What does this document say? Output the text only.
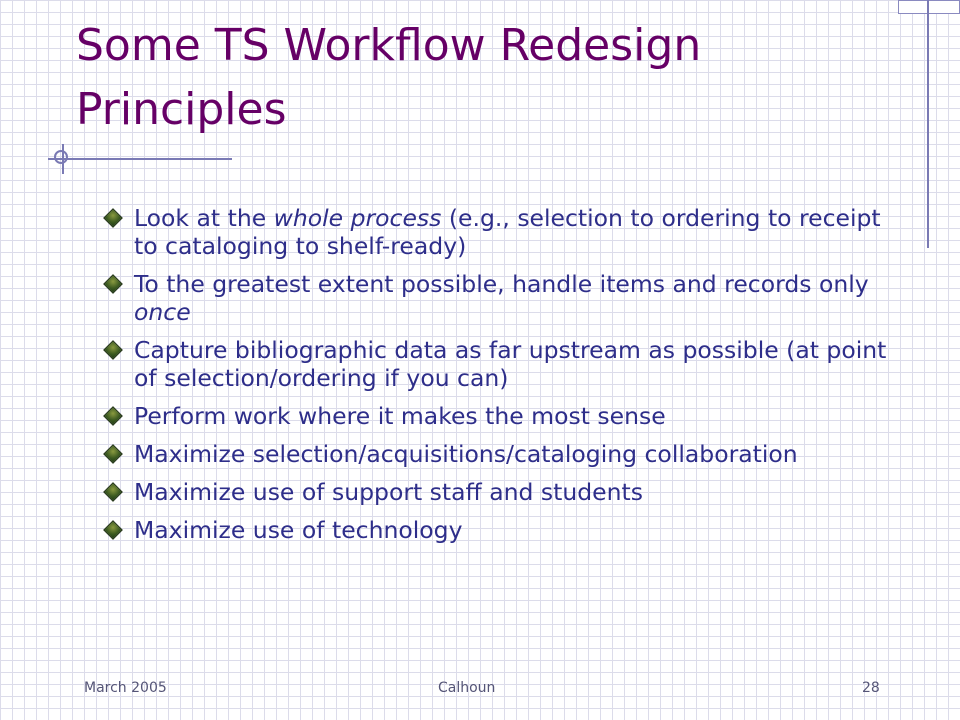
Some TS Workflow Redesign Principles
Look at the whole process (e.g., selection to ordering to receipt to cataloging to shelf-ready)
To the greatest extent possible, handle items and records only once
Capture bibliographic data as far upstream as possible (at point of selection/ordering if you can)
Perform work where it makes the most sense
Maximize selection/acquisitions/cataloging collaboration
Maximize use of support staff and students
Maximize use of technology
March 2005	Calhoun	28
